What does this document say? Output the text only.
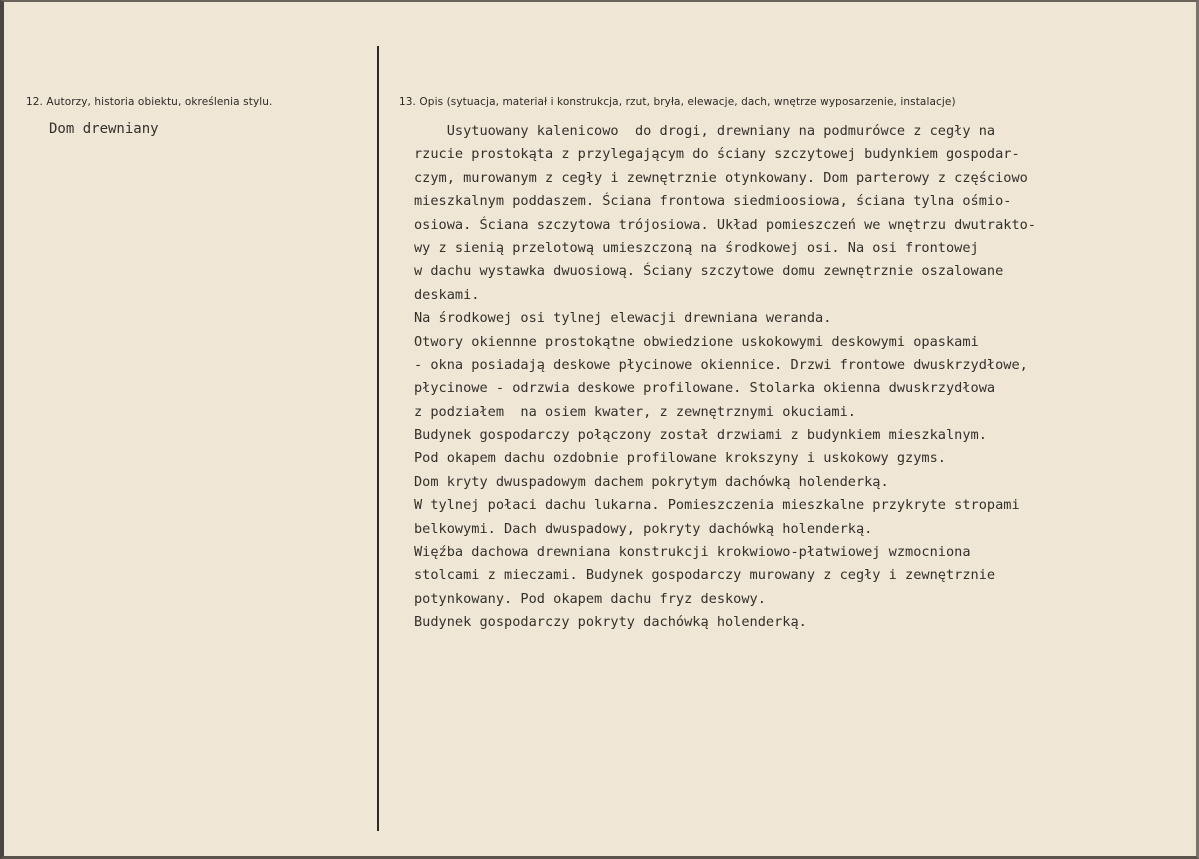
12. Autorzy, historia obiektu, określenia stylu.
Dom drewniany
13. Opis (sytuacja, materiał i konstrukcja, rzut, bryła, elewacje, dach, wnętrze wyposarzenie, instalacje)
Usytuowany kalenicowo  do drogi, drewniany na podmurówce z cegły na
rzucie prostokąta z przylegającym do ściany szczytowej budynkiem gospodar-
czym, murowanym z cegły i zewnętrznie otynkowany. Dom parterowy z częściowo
mieszkalnym poddaszem. Ściana frontowa siedmioosiowa, ściana tylna ośmio-
osiowa. Ściana szczytowa trójosiowa. Układ pomieszczeń we wnętrzu dwutrakto-
wy z sienią przelotową umieszczoną na środkowej osi. Na osi frontowej
w dachu wystawka dwuosiową. Ściany szczytowe domu zewnętrznie oszalowane
deskami.
Na środkowej osi tylnej elewacji drewniana weranda.
Otwory okiennne prostokątne obwiedzione uskokowymi deskowymi opaskami
- okna posiadają deskowe płycinowe okiennice. Drzwi frontowe dwuskrzydłowe,
płycinowe - odrzwia deskowe profilowane. Stolarka okienna dwuskrzydłowa
z podziałem  na osiem kwater, z zewnętrznymi okuciami.
Budynek gospodarczy połączony został drzwiami z budynkiem mieszkalnym.
Pod okapem dachu ozdobnie profilowane krokszyny i uskokowy gzyms.
Dom kryty dwuspadowym dachem pokrytym dachówką holenderką.
W tylnej połaci dachu lukarna. Pomieszczenia mieszkalne przykryte stropami
belkowymi. Dach dwuspadowy, pokryty dachówką holenderką.
Więźba dachowa drewniana konstrukcji krokwiowo-płatwiowej wzmocniona
stolcami z mieczami. Budynek gospodarczy murowany z cegły i zewnętrznie
potynkowany. Pod okapem dachu fryz deskowy.
Budynek gospodarczy pokryty dachówką holenderką.
